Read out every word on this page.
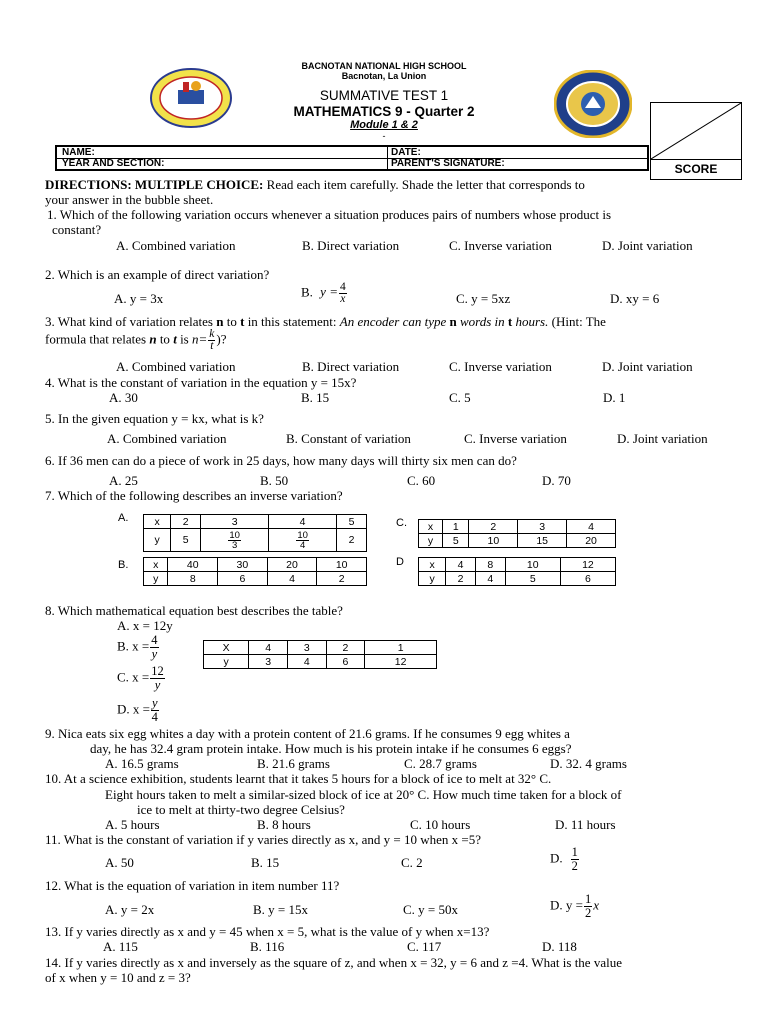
BACNOTAN NATIONAL HIGH SCHOOL
Bacnotan, La Union
SUMMATIVE TEST 1
MATHEMATICS 9 - Quarter 2
Module 1 & 2
-
SCORE
NAME:	DATE:
YEAR AND SECTION:	PARENT'S SIGNATURE:
DIRECTIONS: MULTIPLE CHOICE: Read each item carefully. Shade the letter that corresponds to
your answer in the bubble sheet.
1. Which of the following variation occurs whenever a situation produces pairs of numbers whose product is
constant?
A. Combined variation	B. Direct variation	C. Inverse variation	D. Joint variation
2. Which is an example of direct variation?
A. y = 3x	B. $y = \frac{4}{x}$	C. y = 5xz	D. xy = 6
3. What kind of variation relates n to t in this statement: An encoder can type n words in t hours. (Hint: The
formula that relates n to t is $n= \frac{k}{t}$ )?
A. Combined variation	B. Direct variation	C. Inverse variation	D. Joint variation
4. What is the constant of variation in the equation y = 15x?
A. 30	B. 15	C. 5	D. 1
5. In the given equation y = kx, what is k?
A. Combined variation	B. Constant of variation	C. Inverse variation	D. Joint variation
6. If 36 men can do a piece of work in 25 days, how many days will thirty six men can do?
A. 25	B. 50	C. 60	D. 70
7. Which of the following describes an inverse variation?
A. x	2	3	4	5
y	5	$\frac{10}{3}$	$\frac{10}{4}$	2
B. x	40	30	20	10
y	8	6	4	2
C. x	1	2	3	4
y	5	10	15	20
D x	4	8	10	12
y	2	4	5	6
8. Which mathematical equation best describes the table?
A. x = 12y
B. $x = \frac{4}{y}$
C. $x = \frac{12}{y}$
D. $x = \frac{y}{4}$
X	4	3	2	1
y	3	4	6	12
9. Nica eats six egg whites a day with a protein content of 21.6 grams. If he consumes 9 egg whites a
day, he has 32.4 gram protein intake. How much is his protein intake if he consumes 6 eggs?
A. 16.5 grams	B. 21.6 grams	C. 28.7 grams	D. 32. 4 grams
10. At a science exhibition, students learnt that it takes 5 hours for a block of ice to melt at 32° C.
Eight hours taken to melt a similar-sized block of ice at 20° C. How much time taken for a block of
ice to melt at thirty-two degree Celsius?
A. 5 hours	B. 8 hours	C. 10 hours	D. 11 hours
11. What is the constant of variation if y varies directly as x, and y = 10 when x =5?
A. 50	B. 15	C. 2	D. $\frac{1}{2}$
12. What is the equation of variation in item number 11?
A. y = 2x	B. y = 15x	C. y = 50x	D. $y = \frac{1}{2}$ x
13. If y varies directly as x and y = 45 when x = 5, what is the value of y when x=13?
A. 115	B. 116	C. 117	D. 118
14. If y varies directly as x and inversely as the square of z, and when x = 32, y = 6 and z =4. What is the value
of x when y = 10 and z = 3?
